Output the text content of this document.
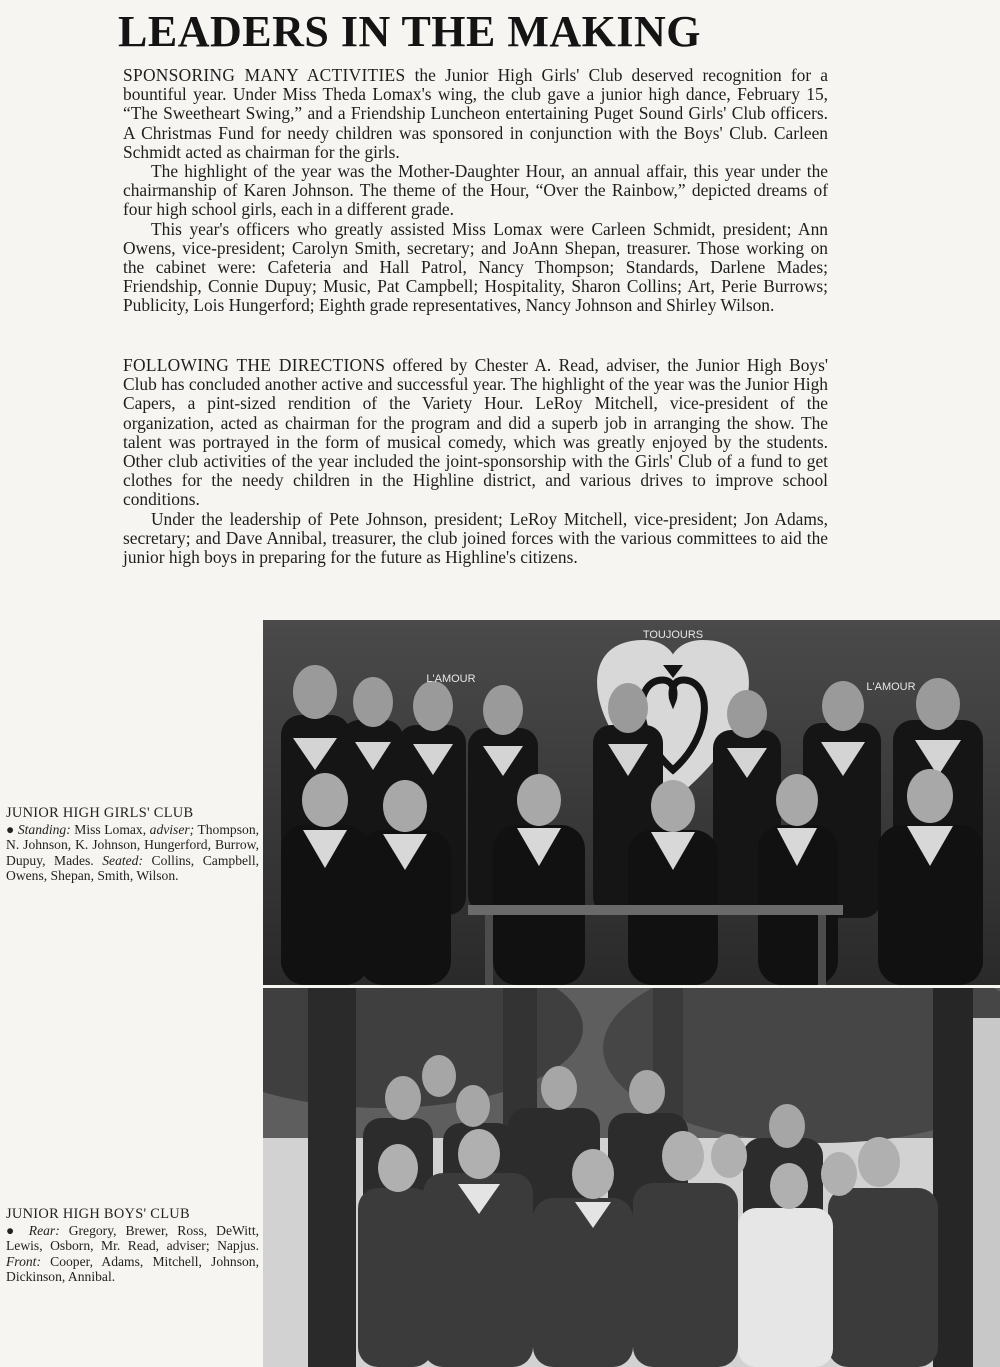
LEADERS IN THE MAKING

SPONSORING MANY ACTIVITIES the Junior High Girls' Club deserved recognition for a bountiful year. Under Miss Theda Lomax's wing, the club gave a junior high dance, February 15, “The Sweetheart Swing,” and a Friendship Luncheon entertaining Puget Sound Girls' Club officers. A Christmas Fund for needy children was sponsored in conjunction with the Boys' Club. Carleen Schmidt acted as chairman for the girls.

The highlight of the year was the Mother-Daughter Hour, an annual affair, this year under the chairmanship of Karen Johnson. The theme of the Hour, “Over the Rainbow,” depicted dreams of four high school girls, each in a different grade.

This year's officers who greatly assisted Miss Lomax were Carleen Schmidt, president; Ann Owens, vice-president; Carolyn Smith, secretary; and JoAnn Shepan, treasurer. Those working on the cabinet were: Cafeteria and Hall Patrol, Nancy Thompson; Standards, Darlene Mades; Friendship, Connie Dupuy; Music, Pat Campbell; Hospitality, Sharon Collins; Art, Perie Burrows; Publicity, Lois Hungerford; Eighth grade representatives, Nancy Johnson and Shirley Wilson.

FOLLOWING THE DIRECTIONS offered by Chester A. Read, adviser, the Junior High Boys' Club has concluded another active and successful year. The highlight of the year was the Junior High Capers, a pint-sized rendition of the Variety Hour. LeRoy Mitchell, vice-president of the organization, acted as chairman for the program and did a superb job in arranging the show. The talent was portrayed in the form of musical comedy, which was greatly enjoyed by the students. Other club activities of the year included the joint-sponsorship with the Girls' Club of a fund to get clothes for the needy children in the Highline district, and various drives to improve school conditions.

Under the leadership of Pete Johnson, president; LeRoy Mitchell, vice-president; Jon Adams, secretary; and Dave Annibal, treasurer, the club joined forces with the various committees to aid the junior high boys in preparing for the future as Highline's citizens.

TOUJOURS
L'AMOUR
L'AMOUR
JUNIOR HIGH GIRLS' CLUB
● Standing: Miss Lomax, adviser; Thompson, N. Johnson, K. Johnson, Hungerford, Burrow, Dupuy, Mades. Seated: Collins, Campbell, Owens, Shepan, Smith, Wilson.
JUNIOR HIGH BOYS' CLUB
● Rear: Gregory, Brewer, Ross, DeWitt, Lewis, Osborn, Mr. Read, adviser; Napjus. Front: Cooper, Adams, Mitchell, Johnson, Dickinson, Annibal.
